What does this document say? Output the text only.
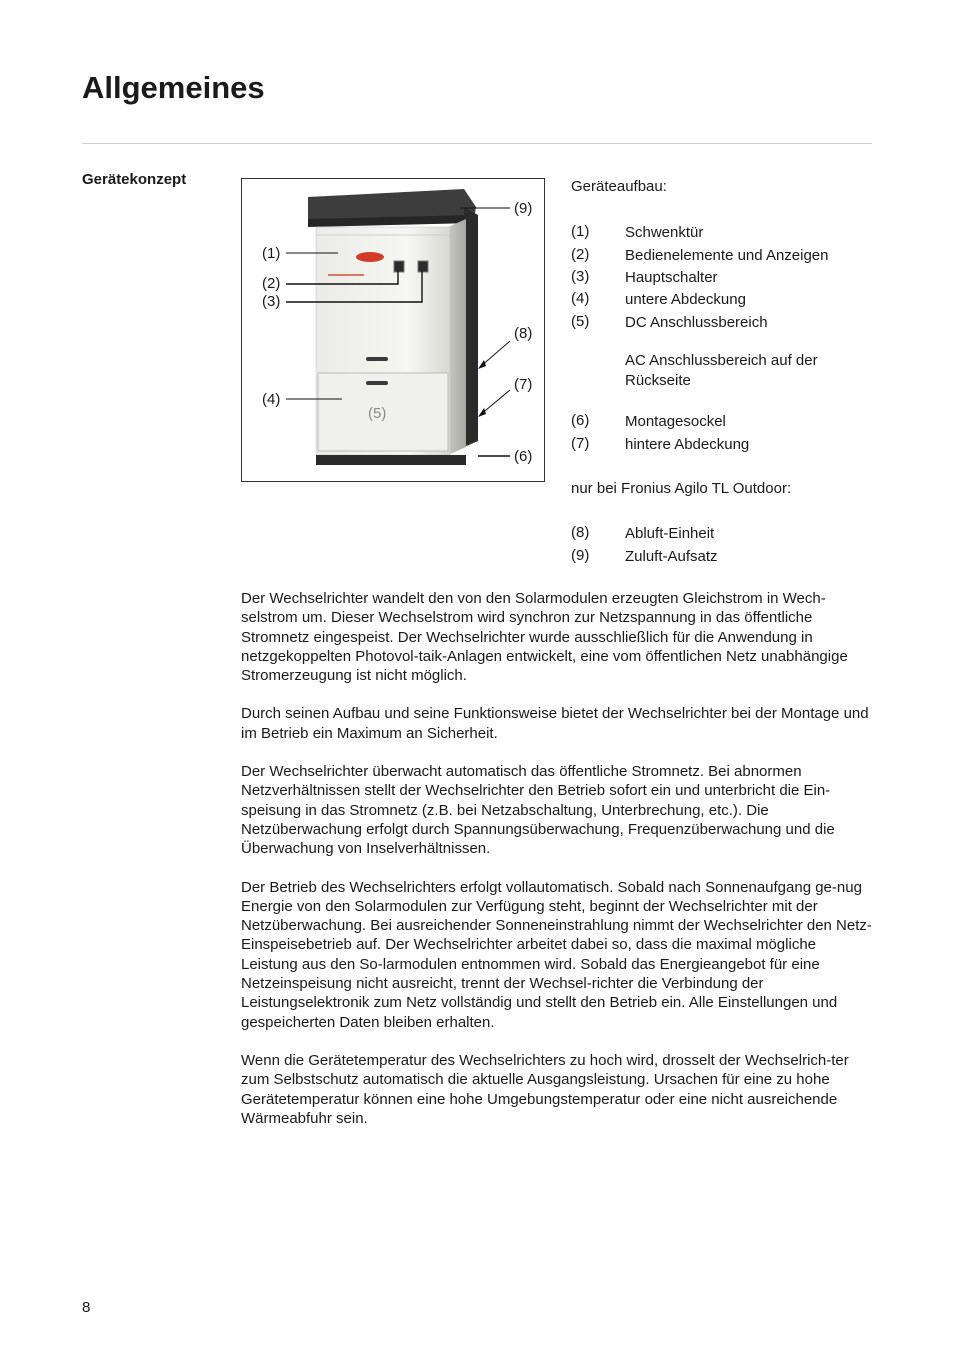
Allgemeines
Gerätekonzept
(1)
(2)
(3)
(4)
(5)
(6)
(7)
(8)
(9)
Geräteaufbau:
(1) Schwenktür
(2) Bedienelemente und Anzeigen
(3) Hauptschalter
(4) untere Abdeckung
(5) DC Anschlussbereich
AC Anschlussbereich auf der Rückseite
(6) Montagesockel
(7) hintere Abdeckung
nur bei Fronius Agilo TL Outdoor:
(8) Abluft-Einheit
(9) Zuluft-Aufsatz

Der Wechselrichter wandelt den von den Solarmodulen erzeugten Gleichstrom in Wech-selstrom um. Dieser Wechselstrom wird synchron zur Netzspannung in das öffentliche Stromnetz eingespeist. Der Wechselrichter wurde ausschließlich für die Anwendung in netzgekoppelten Photovol-taik-Anlagen entwickelt, eine vom öffentlichen Netz unabhängige Stromerzeugung ist nicht möglich.

Durch seinen Aufbau und seine Funktionsweise bietet der Wechselrichter bei der Montage und im Betrieb ein Maximum an Sicherheit.

Der Wechselrichter überwacht automatisch das öffentliche Stromnetz. Bei abnormen Netzverhältnissen stellt der Wechselrichter den Betrieb sofort ein und unterbricht die Ein-speisung in das Stromnetz (z.B. bei Netzabschaltung, Unterbrechung, etc.). Die Netzüberwachung erfolgt durch Spannungsüberwachung, Frequenzüberwachung und die Überwachung von Inselverhältnissen.

Der Betrieb des Wechselrichters erfolgt vollautomatisch. Sobald nach Sonnenaufgang ge-nug Energie von den Solarmodulen zur Verfügung steht, beginnt der Wechselrichter mit der Netzüberwachung. Bei ausreichender Sonneneinstrahlung nimmt der Wechselrichter den Netz-Einspeisebetrieb auf. Der Wechselrichter arbeitet dabei so, dass die maximal mögliche Leistung aus den So-larmodulen entnommen wird. Sobald das Energieangebot für eine Netzeinspeisung nicht ausreicht, trennt der Wechsel-richter die Verbindung der Leistungselektronik zum Netz vollständig und stellt den Betrieb ein. Alle Einstellungen und gespeicherten Daten bleiben erhalten.

Wenn die Gerätetemperatur des Wechselrichters zu hoch wird, drosselt der Wechselrich-ter zum Selbstschutz automatisch die aktuelle Ausgangsleistung. Ursachen für eine zu hohe Gerätetemperatur können eine hohe Umgebungstemperatur oder eine nicht ausreichende Wärmeabfuhr sein.

8
